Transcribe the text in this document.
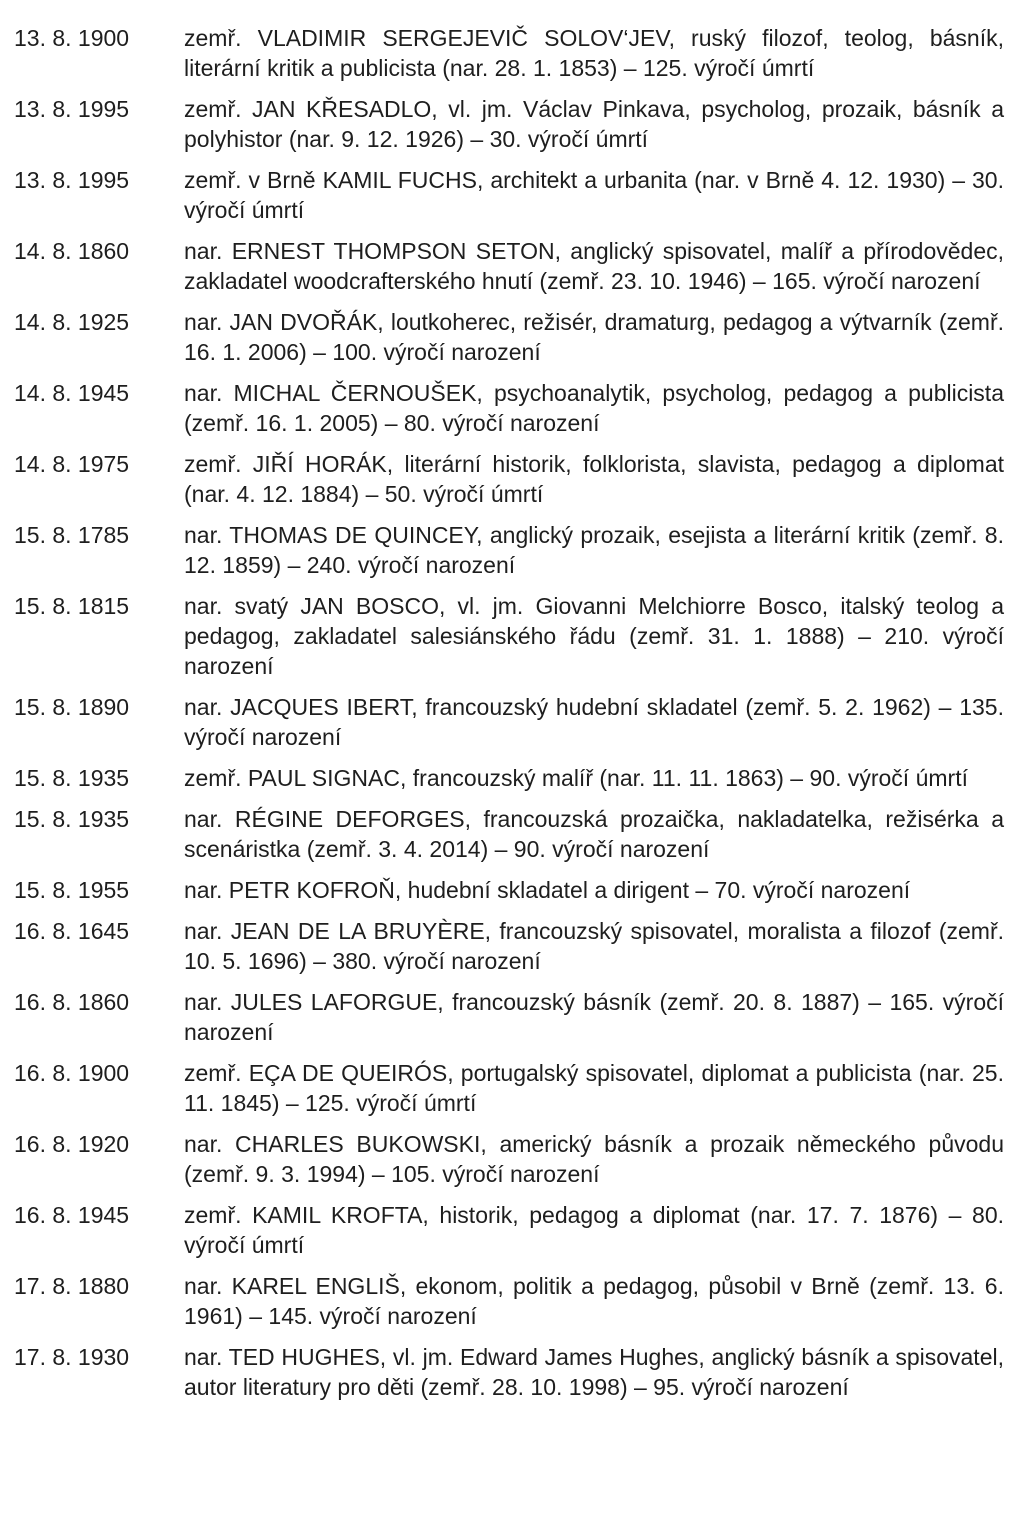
13. 8. 1900	zemř. VLADIMIR SERGEJEVIČ SOLOV‘JEV, ruský filozof, teolog, básník, literární kritik a publicista (nar. 28. 1. 1853) – 125. výročí úmrtí
13. 8. 1995	zemř. JAN KŘESADLO, vl. jm. Václav Pinkava, psycholog, prozaik, básník a polyhistor (nar. 9. 12. 1926) – 30. výročí úmrtí
13. 8. 1995	zemř. v Brně KAMIL FUCHS, architekt a urbanita (nar. v Brně 4. 12. 1930) – 30. výročí úmrtí
14. 8. 1860	nar. ERNEST THOMPSON SETON, anglický spisovatel, malíř a přírodovědec, zakladatel woodcrafterského hnutí (zemř. 23. 10. 1946) – 165. výročí narození
14. 8. 1925	nar. JAN DVOŘÁK, loutkoherec, režisér, dramaturg, pedagog a výtvarník (zemř. 16. 1. 2006) – 100. výročí narození
14. 8. 1945	nar. MICHAL ČERNOUŠEK, psychoanalytik, psycholog, pedagog a publicista (zemř. 16. 1. 2005) – 80. výročí narození
14. 8. 1975	zemř. JIŘÍ HORÁK, literární historik, folklorista, slavista, pedagog a diplomat (nar. 4. 12. 1884) – 50. výročí úmrtí
15. 8. 1785	nar. THOMAS DE QUINCEY, anglický prozaik, esejista a literární kritik (zemř. 8. 12. 1859) – 240. výročí narození
15. 8. 1815	nar. svatý JAN BOSCO, vl. jm. Giovanni Melchiorre Bosco, italský teolog a pedagog, zakladatel salesiánského řádu (zemř. 31. 1. 1888) – 210. výročí narození
15. 8. 1890	nar. JACQUES IBERT, francouzský hudební skladatel (zemř. 5. 2. 1962) – 135. výročí narození
15. 8. 1935	zemř. PAUL SIGNAC, francouzský malíř (nar. 11. 11. 1863) – 90. výročí úmrtí
15. 8. 1935	nar. RÉGINE DEFORGES, francouzská prozaička, nakladatelka, režisérka a scenáristka (zemř. 3. 4. 2014) – 90. výročí narození
15. 8. 1955	nar. PETR KOFROŇ, hudební skladatel a dirigent – 70. výročí narození
16. 8. 1645	nar. JEAN DE LA BRUYÈRE, francouzský spisovatel, moralista a filozof (zemř. 10. 5. 1696) – 380. výročí narození
16. 8. 1860	nar. JULES LAFORGUE, francouzský básník (zemř. 20. 8. 1887) – 165. výročí narození
16. 8. 1900	zemř. EÇA DE QUEIRÓS, portugalský spisovatel, diplomat a publicista (nar. 25. 11. 1845) – 125. výročí úmrtí
16. 8. 1920	nar. CHARLES BUKOWSKI, americký básník a prozaik německého původu (zemř. 9. 3. 1994) – 105. výročí narození
16. 8. 1945	zemř. KAMIL KROFTA, historik, pedagog a diplomat (nar. 17. 7. 1876) – 80. výročí úmrtí
17. 8. 1880	nar. KAREL ENGLIŠ, ekonom, politik a pedagog, působil v Brně (zemř. 13. 6. 1961) – 145. výročí narození
17. 8. 1930	nar. TED HUGHES, vl. jm. Edward James Hughes, anglický básník a spisovatel, autor literatury pro děti (zemř. 28. 10. 1998) – 95. výročí narození
